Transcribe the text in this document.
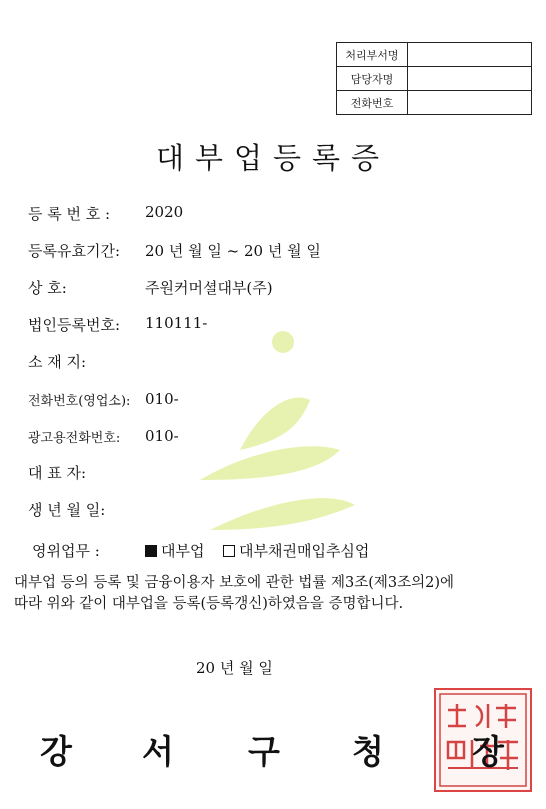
처리부서명	
담당자명	
전화번호	
대부업등록증
등 록 번 호 : 2020
등록유효기간: 20 년 월 일 ~ 20 년 월 일
상 호:	주원커머셜대부(주)
법인등록번호: 110111-
소 재 지:
전화번호(영업소): 010-
광고용전화번호: 010-
대 표 자:
생 년 월 일:
영위업무 :	대부업	대부채권매입추심업
대부업 등의 등록 및 금융이용자 보호에 관한 법률 제3조(제3조의2)에
따라 위와 같이 대부업을 등록(등록갱신)하였음을 증명합니다.
20 년 월 일
강 서 구 청	장
